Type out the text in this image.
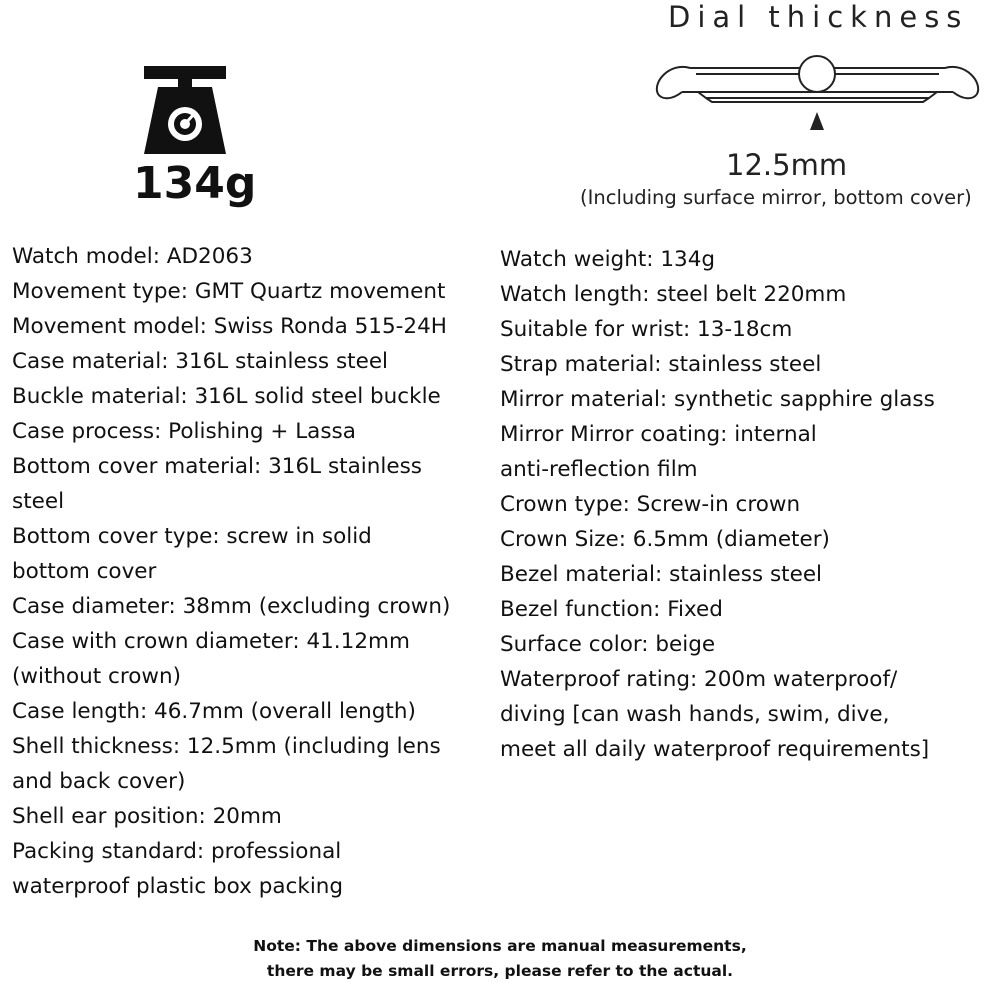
134g
Dial thickness
12.5mm
(Including surface mirror, bottom cover)
Watch model: AD2063
Movement type: GMT Quartz movement
Movement model: Swiss Ronda 515-24H
Case material: 316L stainless steel
Buckle material: 316L solid steel buckle
Case process: Polishing + Lassa
Bottom cover material: 316L stainless
steel
Bottom cover type: screw in solid
bottom cover
Case diameter: 38mm (excluding crown)
Case with crown diameter: 41.12mm
(without crown)
Case length: 46.7mm (overall length)
Shell thickness: 12.5mm (including lens
and back cover)
Shell ear position: 20mm
Packing standard: professional
waterproof plastic box packing
Watch weight: 134g
Watch length: steel belt 220mm
Suitable for wrist: 13-18cm
Strap material: stainless steel
Mirror material: synthetic sapphire glass
Mirror Mirror coating: internal
anti-reflection film
Crown type: Screw-in crown
Crown Size: 6.5mm (diameter)
Bezel material: stainless steel
Bezel function: Fixed
Surface color: beige
Waterproof rating: 200m waterproof/
diving [can wash hands, swim, dive,
meet all daily waterproof requirements]
Note: The above dimensions are manual measurements,
there may be small errors, please refer to the actual.
